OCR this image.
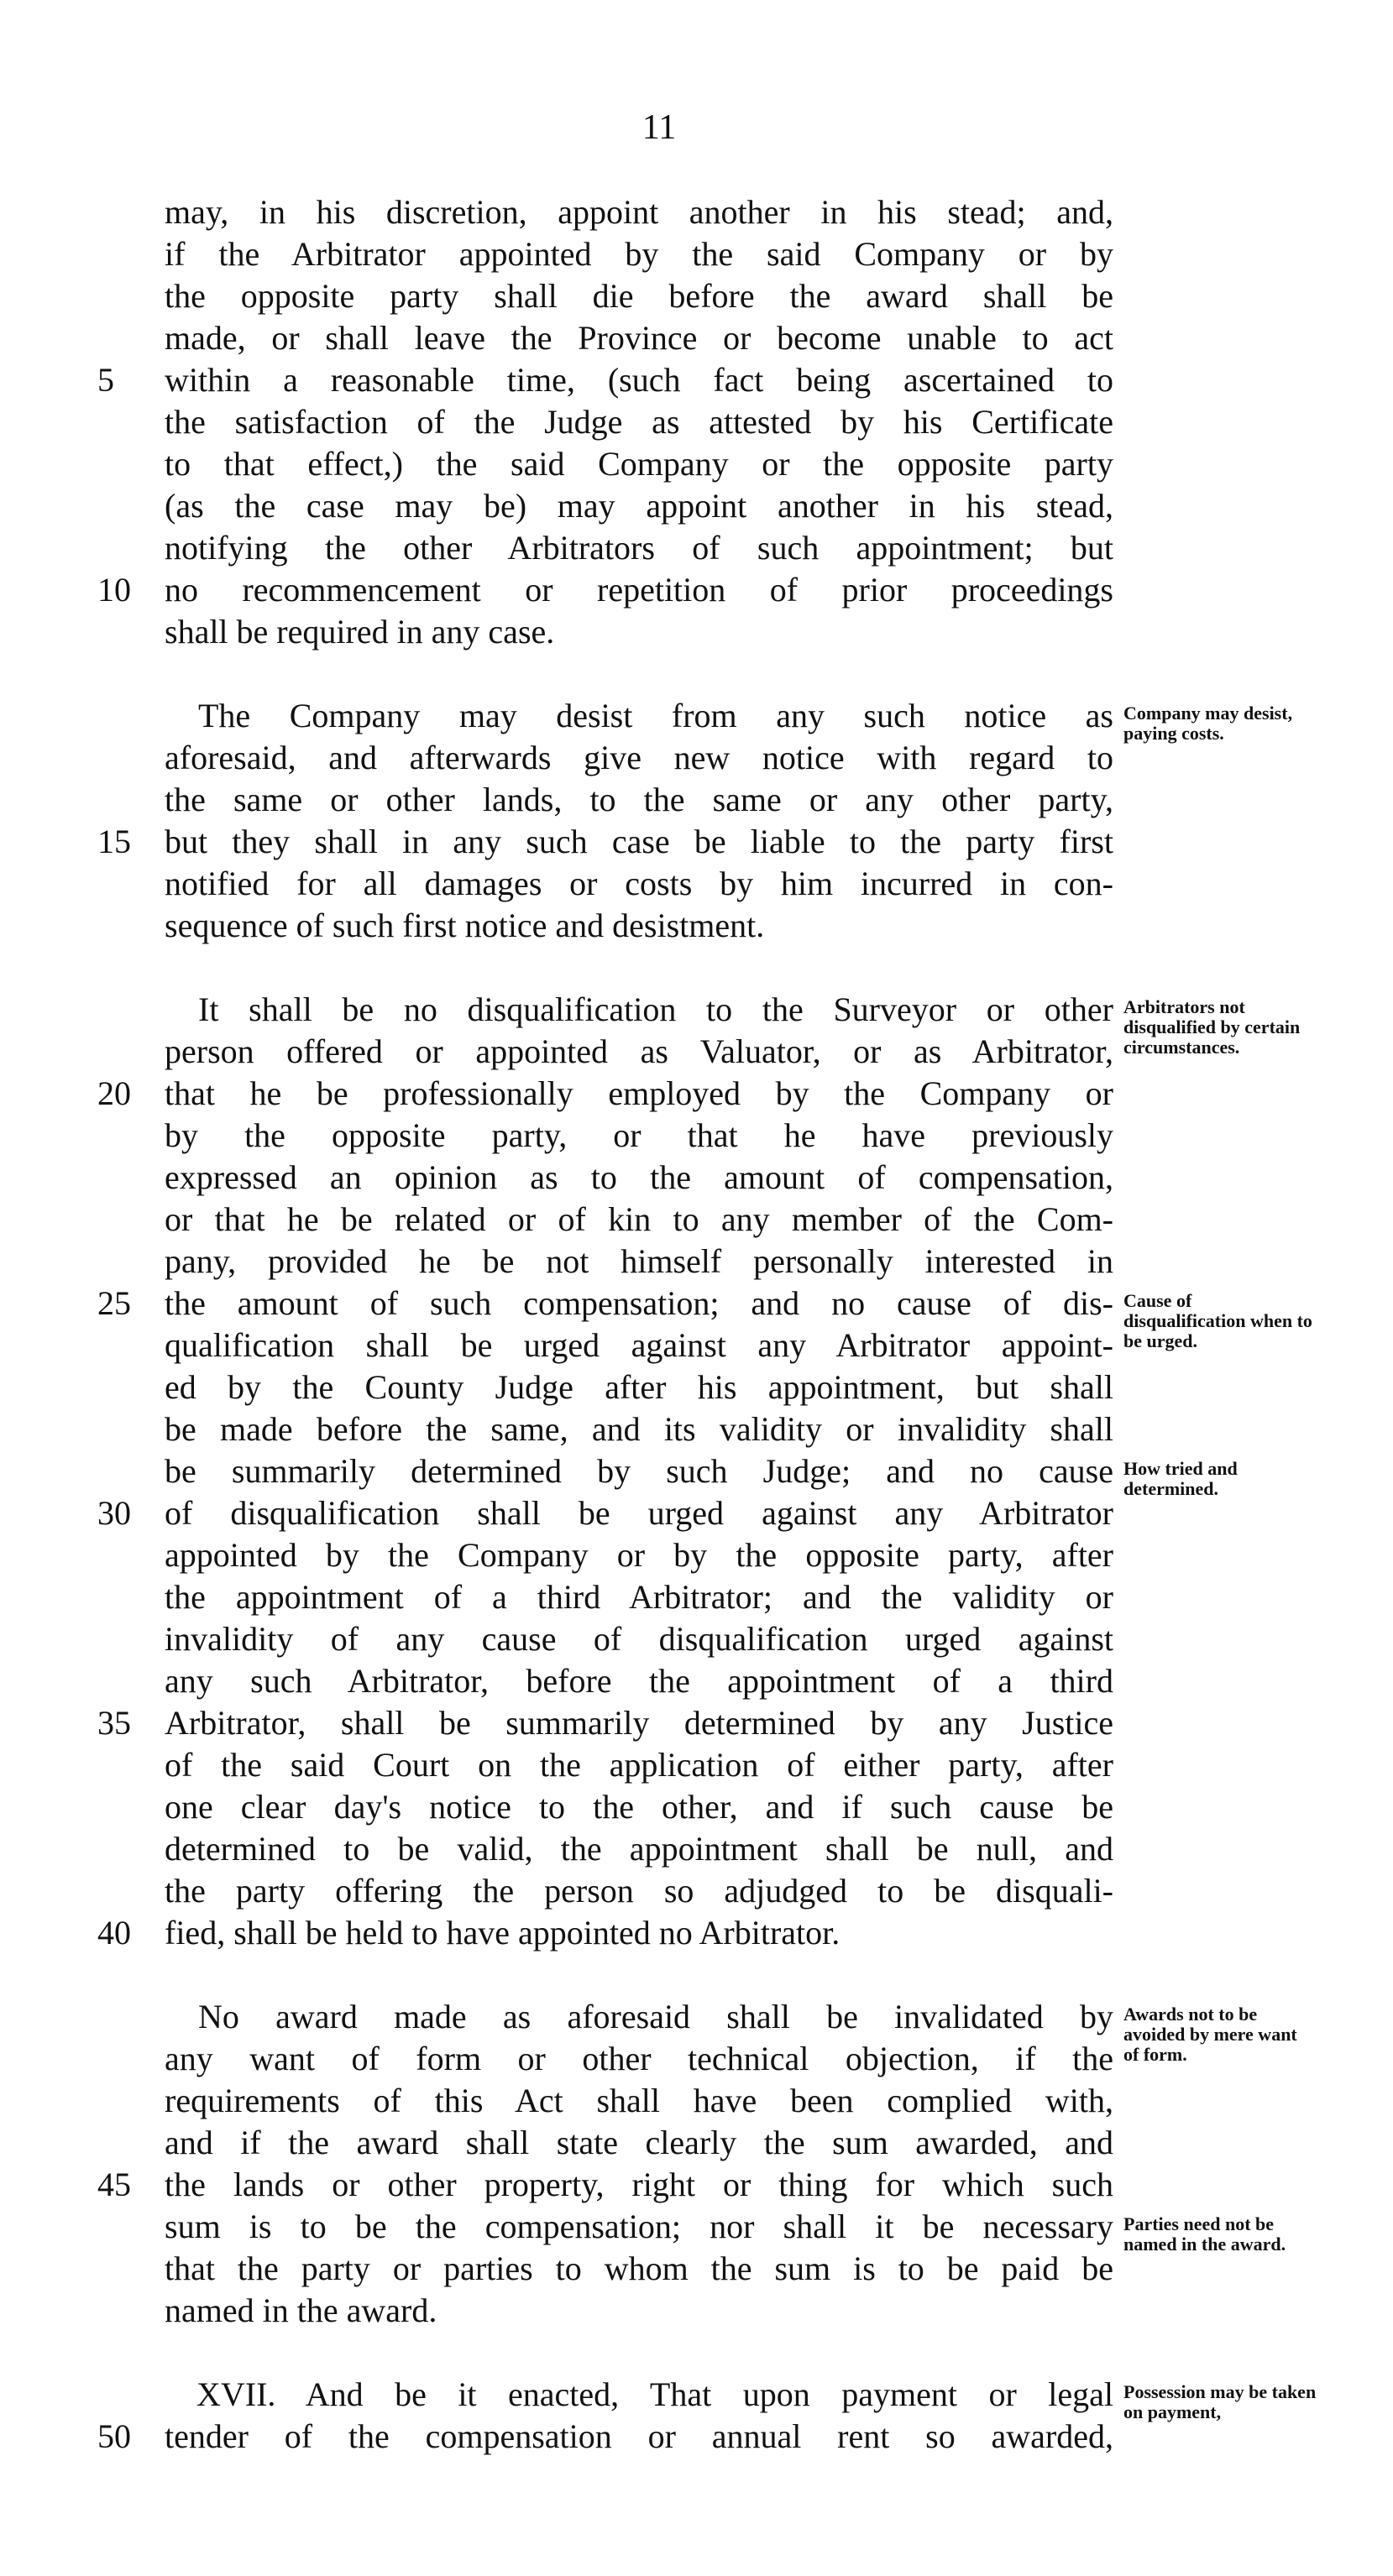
11
may, in his discretion, appoint another in his stead; and,
if the Arbitrator appointed by the said Company or by
the opposite party shall die before the award shall be
made, or shall leave the Province or become unable to act
within a reasonable time, (such fact being ascertained to
the satisfaction of the Judge as attested by his Certificate
to that effect,) the said Company or the opposite party
(as the case may be) may appoint another in his stead,
notifying the other Arbitrators of such appointment; but
no recommencement or repetition of prior proceedings
shall be required in any case.
The Company may desist from any such notice as
aforesaid, and afterwards give new notice with regard to
the same or other lands, to the same or any other party,
but they shall in any such case be liable to the party first
notified for all damages or costs by him incurred in con-
sequence of such first notice and desistment.
It shall be no disqualification to the Surveyor or other
person offered or appointed as Valuator, or as Arbitrator,
that he be professionally employed by the Company or
by the opposite party, or that he have previously
expressed an opinion as to the amount of compensation,
or that he be related or of kin to any member of the Com-
pany, provided he be not himself personally interested in
the amount of such compensation; and no cause of dis-
qualification shall be urged against any Arbitrator appoint-
ed by the County Judge after his appointment, but shall
be made before the same, and its validity or invalidity shall
be summarily determined by such Judge; and no cause
of disqualification shall be urged against any Arbitrator
appointed by the Company or by the opposite party, after
the appointment of a third Arbitrator; and the validity or
invalidity of any cause of disqualification urged against
any such Arbitrator, before the appointment of a third
Arbitrator, shall be summarily determined by any Justice
of the said Court on the application of either party, after
one clear day's notice to the other, and if such cause be
determined to be valid, the appointment shall be null, and
the party offering the person so adjudged to be disquali-
fied, shall be held to have appointed no Arbitrator.
No award made as aforesaid shall be invalidated by
any want of form or other technical objection, if the
requirements of this Act shall have been complied with,
and if the award shall state clearly the sum awarded, and
the lands or other property, right or thing for which such
sum is to be the compensation; nor shall it be necessary
that the party or parties to whom the sum is to be paid be
named in the award.
XVII. And be it enacted, That upon payment or legal
tender of the compensation or annual rent so awarded,
5
10
15
20
25
30
35
40
45
50
Company may desist, paying costs.
Arbitrators not disqualified by certain circumstances.
Cause of disqualification when to be urged.
How tried and determined.
Awards not to be avoided by mere want of form.
Parties need not be named in the award.
Possession may be taken on payment,
